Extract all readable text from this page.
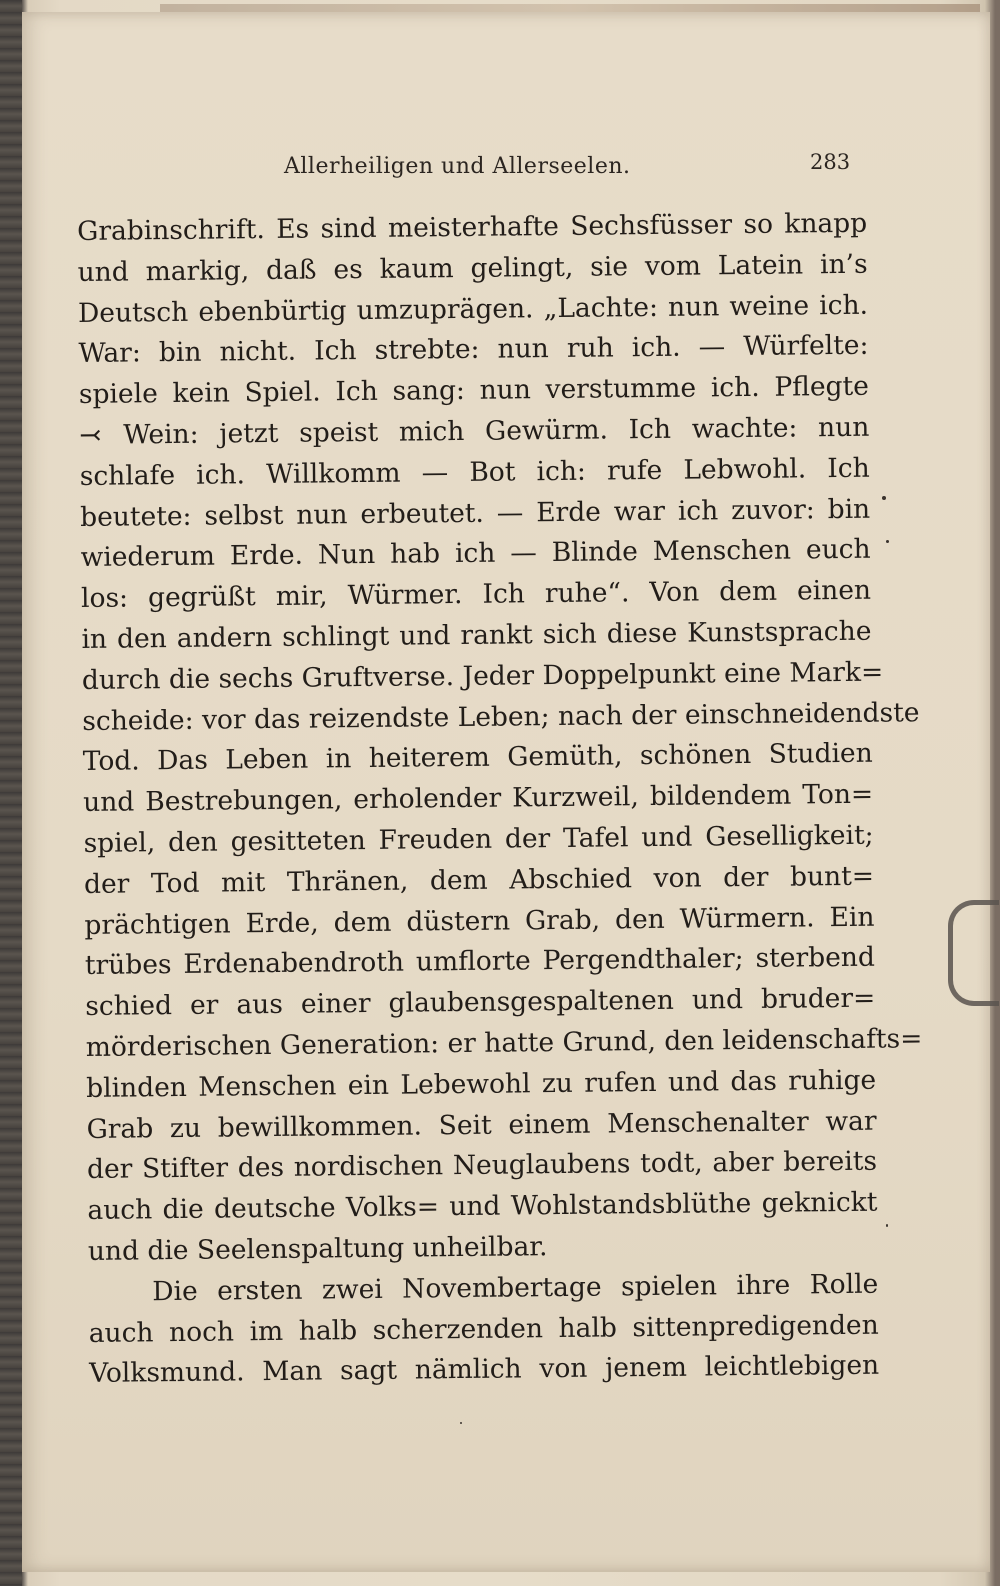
Allerheiligen und Allerseelen.	283
Grabinschrift. Es sind meisterhafte Sechsfüsser so knapp
und markig, daß es kaum gelingt, sie vom Latein in’s
Deutsch ebenbürtig umzuprägen. „Lachte: nun weine ich.
War: bin nicht. Ich strebte: nun ruh ich. — Würfelte:
spiele kein Spiel. Ich sang: nun verstumme ich. Pflegte
⤙ Wein: jetzt speist mich Gewürm. Ich wachte: nun
schlafe ich. Willkomm — Bot ich: rufe Lebwohl. Ich
beutete: selbst nun erbeutet. — Erde war ich zuvor: bin
wiederum Erde. Nun hab ich — Blinde Menschen euch
los: gegrüßt mir, Würmer. Ich ruhe“. Von dem einen
in den andern schlingt und rankt sich diese Kunstsprache
durch die sechs Gruftverse. Jeder Doppelpunkt eine Mark=
scheide: vor das reizendste Leben; nach der einschneidendste
Tod. Das Leben in heiterem Gemüth, schönen Studien
und Bestrebungen, erholender Kurzweil, bildendem Ton=
spiel, den gesitteten Freuden der Tafel und Geselligkeit;
der Tod mit Thränen, dem Abschied von der bunt=
prächtigen Erde, dem düstern Grab, den Würmern. Ein
trübes Erdenabendroth umflorte Pergendthaler; sterbend
schied er aus einer glaubensgespaltenen und bruder=
mörderischen Generation: er hatte Grund, den leidenschafts=
blinden Menschen ein Lebewohl zu rufen und das ruhige
Grab zu bewillkommen. Seit einem Menschenalter war
der Stifter des nordischen Neuglaubens todt, aber bereits
auch die deutsche Volks= und Wohlstandsblüthe geknickt
und die Seelenspaltung unheilbar.
Die ersten zwei Novembertage spielen ihre Rolle
auch noch im halb scherzenden halb sittenpredigenden
Volksmund. Man sagt nämlich von jenem leichtlebigen
